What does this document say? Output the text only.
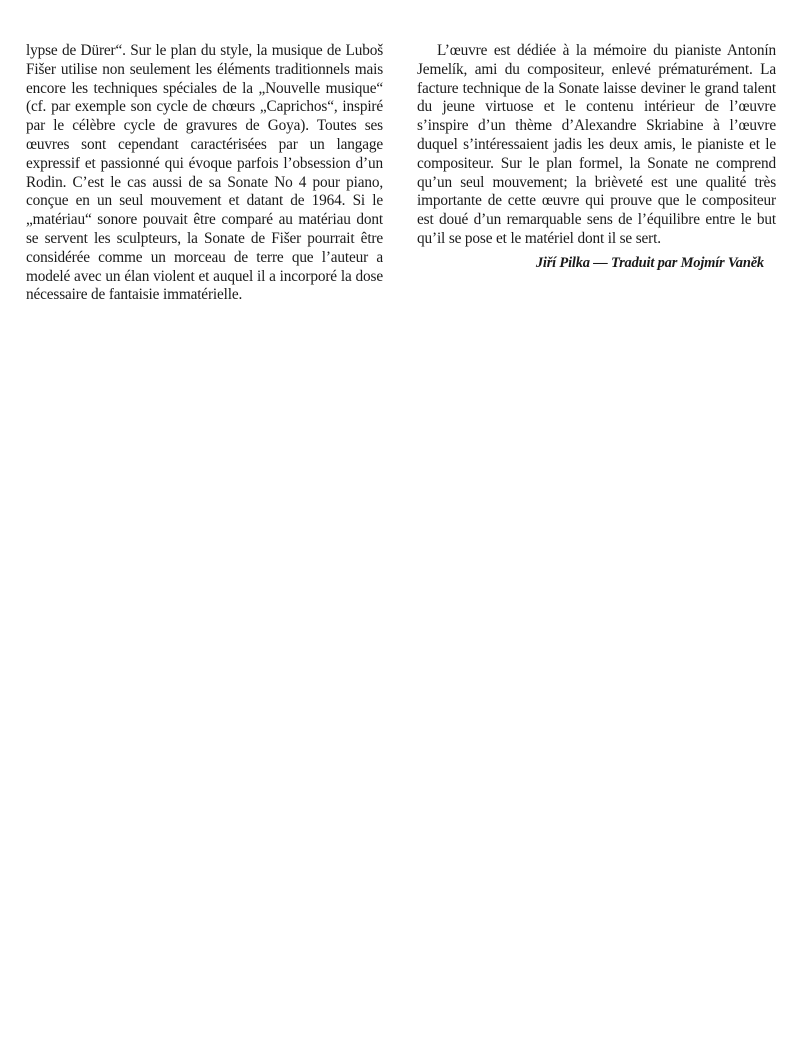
lypse de Dürer“. Sur le plan du style, la musique de Luboš Fišer utilise non seulement les éléments traditionnels mais encore les techniques spéciales de la „Nouvelle musique“ (cf. par exemple son cycle de chœurs „Caprichos“, inspiré par le célèbre cycle de gravures de Goya). Toutes ses œuvres sont cependant caractérisées par un langage expressif et passionné qui évoque parfois l’obsession d’un Rodin. C’est le cas aussi de sa Sonate No 4 pour piano, conçue en un seul mouvement et datant de 1964. Si le „matériau“ sonore pouvait être comparé au matériau dont se servent les sculpteurs, la Sonate de Fišer pourrait être considérée comme un morceau de terre que l’auteur a modelé avec un élan violent et auquel il a incorporé la dose nécessaire de fantaisie immatérielle.

L’œuvre est dédiée à la mémoire du pianiste Antonín Jemelík, ami du compositeur, enlevé prématurément. La facture technique de la Sonate laisse deviner le grand talent du jeune virtuose et le contenu intérieur de l’œuvre s’inspire d’un thème d’Alexandre Skriabine à l’œuvre duquel s’intéressaient jadis les deux amis, le pianiste et le compositeur. Sur le plan formel, la Sonate ne comprend qu’un seul mouvement; la brièveté est une qualité très importante de cette œuvre qui prouve que le compositeur est doué d’un remarquable sens de l’équilibre entre le but qu’il se pose et le matériel dont il se sert.

Jiří Pilka — Traduit par Mojmír Vaněk
